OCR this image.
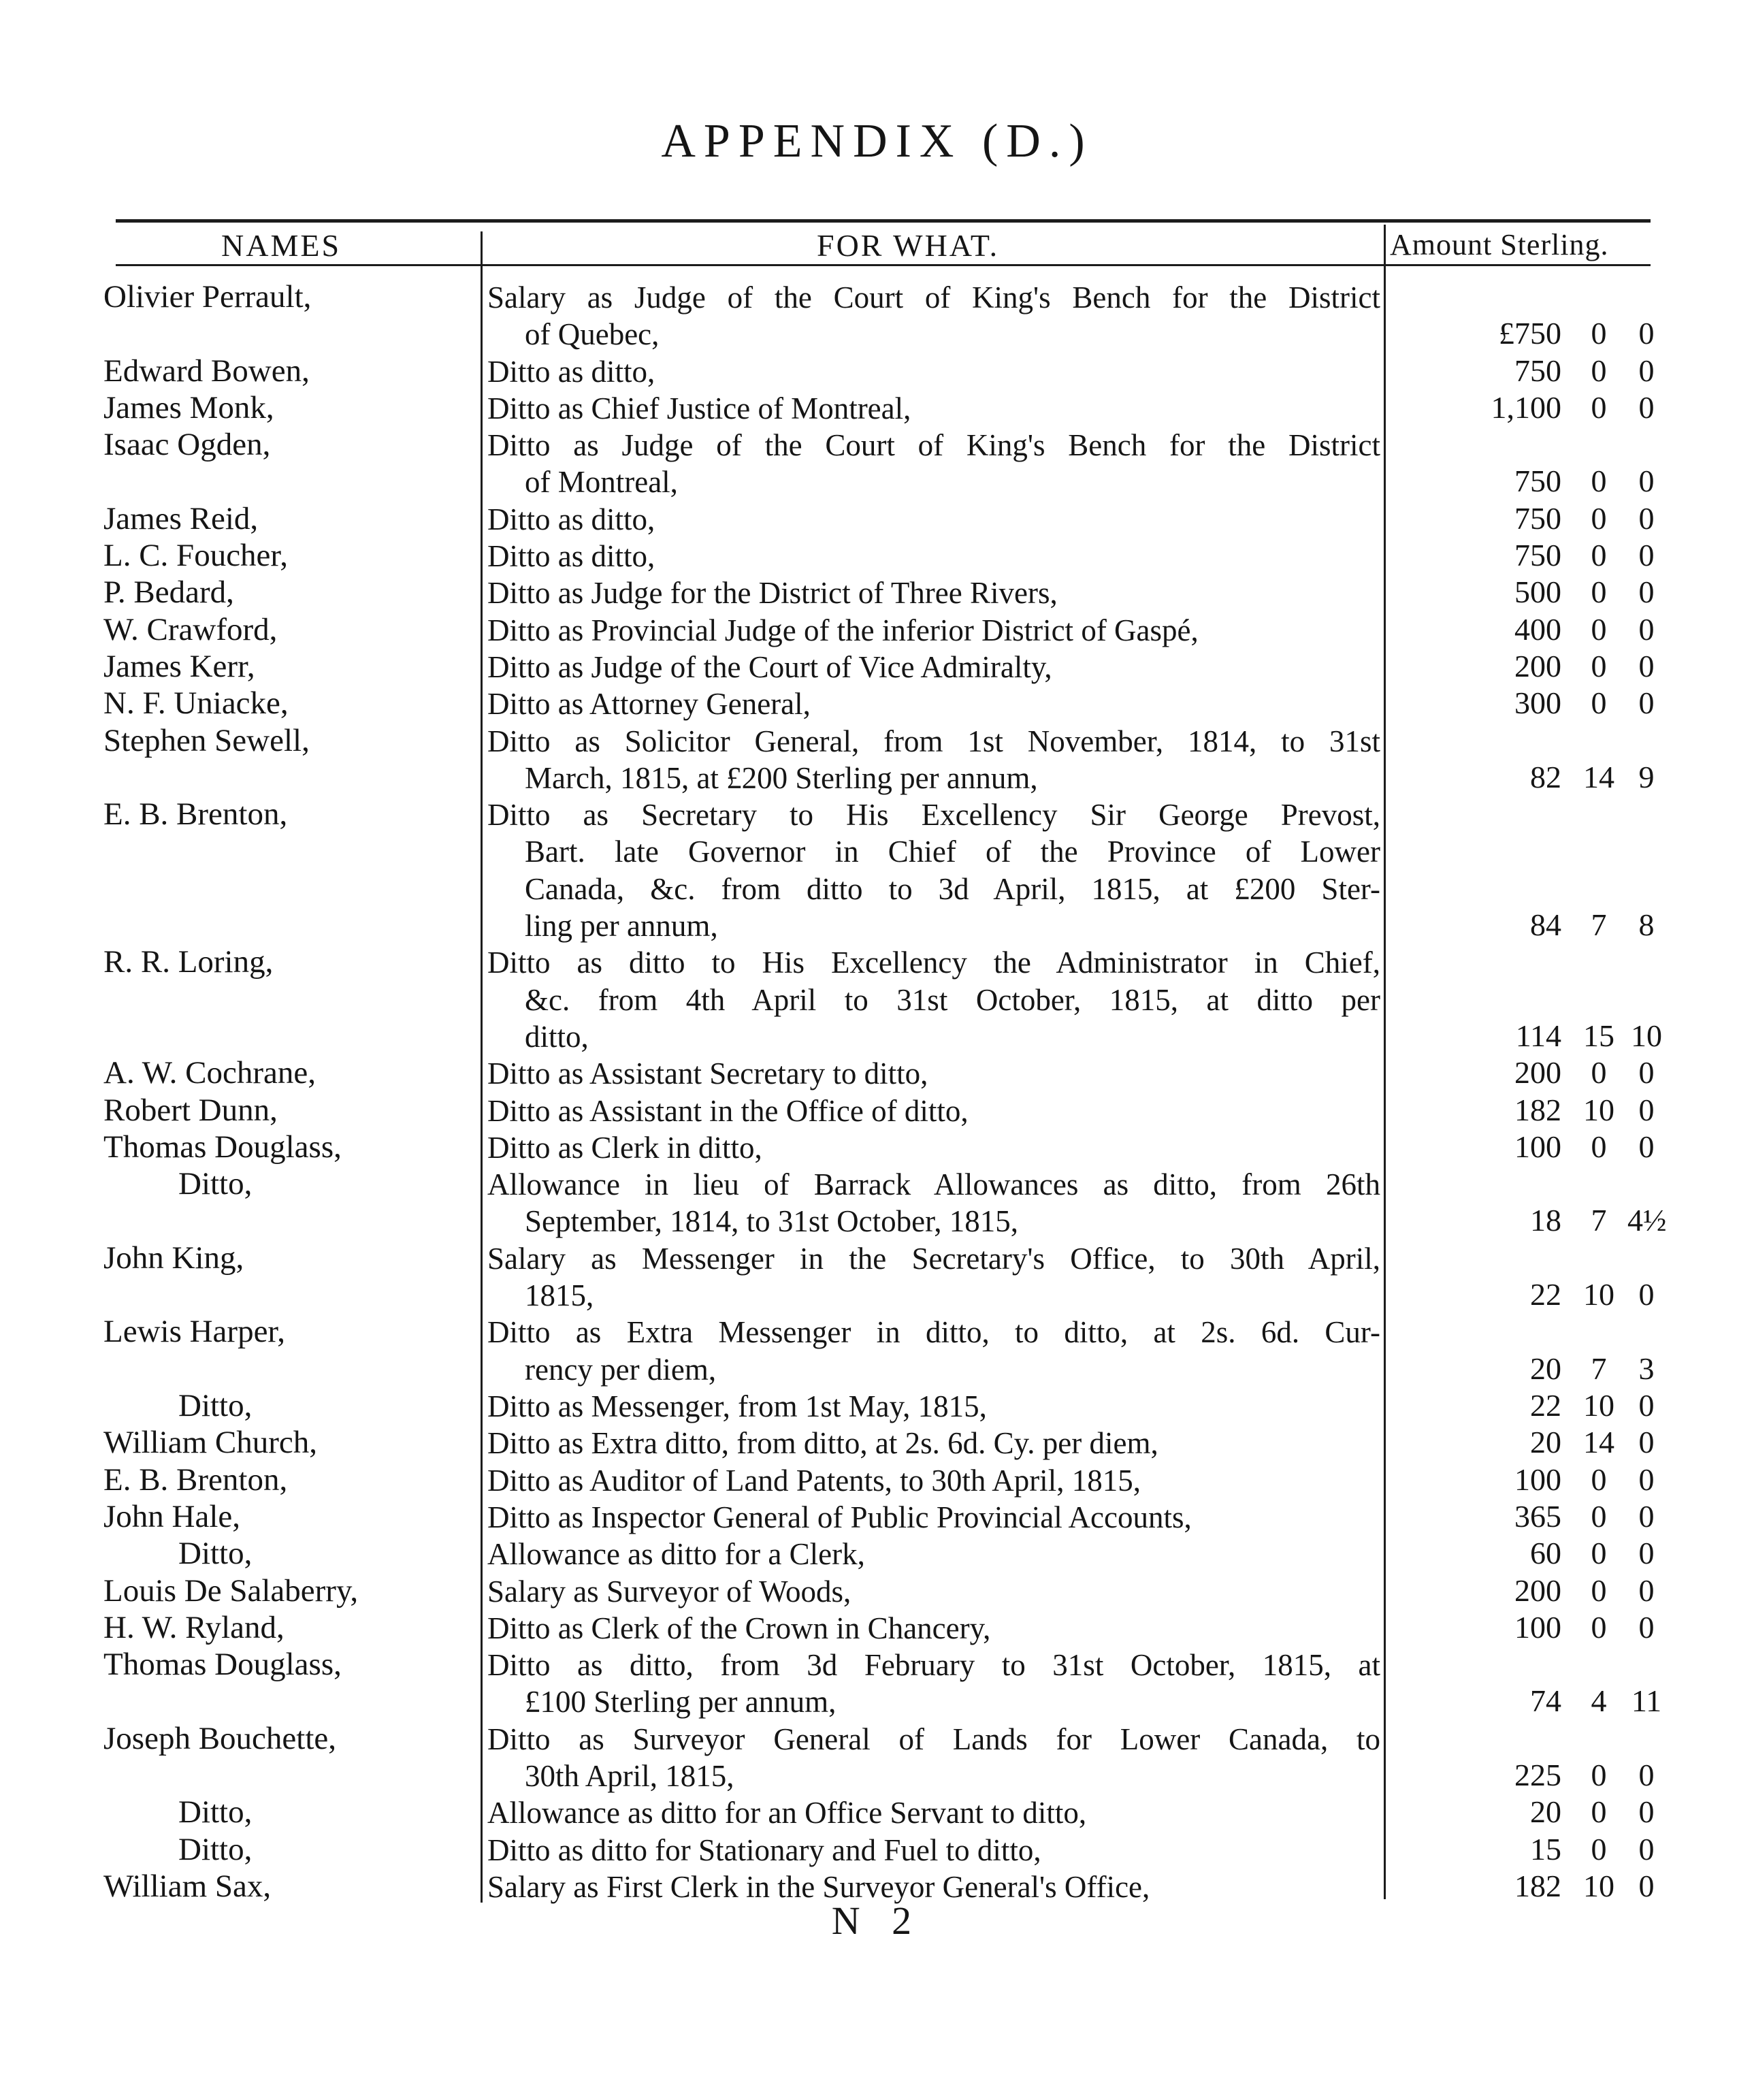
APPENDIX (D.)
NAMES	FOR WHAT.	Amount Sterling.
Olivier Perrault,	Salary as Judge of the Court of King's Bench for the District
of Quebec,	£750 0	0
Edward Bowen,	Ditto as ditto,	750 0	0
James Monk,	Ditto as Chief Justice of Montreal,	1,100 0	0
Isaac Ogden,	Ditto as Judge of the Court of King's Bench for the District
of Montreal,	750 0	0
James Reid,	Ditto as ditto,	750 0	0
L. C. Foucher,	Ditto as ditto,	750 0	0
P. Bedard,	Ditto as Judge for the District of Three Rivers,	500 0	0
W. Crawford,	Ditto as Provincial Judge of the inferior District of Gaspé,	400 0	0
James Kerr,	Ditto as Judge of the Court of Vice Admiralty,	200 0	0
N. F. Uniacke,	Ditto as Attorney General,	300 0	0
Stephen Sewell,	Ditto as Solicitor General, from 1st November, 1814, to 31st
March, 1815, at £200 Sterling per annum,	82 14 9
E. B. Brenton,	Ditto as Secretary to His Excellency Sir George Prevost,
Bart. late Governor in Chief of the Province of Lower
Canada, &c. from ditto to 3d April, 1815, at £200 Ster-
ling per annum,	84 7	8
R. R. Loring,	Ditto as ditto to His Excellency the Administrator in Chief,
&c. from 4th April to 31st October, 1815, at ditto per
ditto,	114 15 10
A. W. Cochrane,	Ditto as Assistant Secretary to ditto,	200 0	0
Robert Dunn,	Ditto as Assistant in the Office of ditto,	182 10 0
Thomas Douglass,	Ditto as Clerk in ditto,	100 0	0
Ditto,	Allowance in lieu of Barrack Allowances as ditto, from 26th
September, 1814, to 31st October, 1815,	18 7 4½
John King,	Salary as Messenger in the Secretary's Office, to 30th April,
1815,	22 10 0
Lewis Harper,	Ditto as Extra Messenger in ditto, to ditto, at 2s. 6d. Cur-
rency per diem,	20 7	3
Ditto,	Ditto as Messenger, from 1st May, 1815,	22 10 0
William Church,	Ditto as Extra ditto, from ditto, at 2s. 6d. Cy. per diem,	20 14 0
E. B. Brenton,	Ditto as Auditor of Land Patents, to 30th April, 1815,	100 0	0
John Hale,	Ditto as Inspector General of Public Provincial Accounts,	365 0	0
Ditto,	Allowance as ditto for a Clerk,	60 0	0
Louis De Salaberry,	Salary as Surveyor of Woods,	200 0	0
H. W. Ryland,	Ditto as Clerk of the Crown in Chancery,	100 0	0
Thomas Douglass,	Ditto as ditto, from 3d February to 31st October, 1815, at
£100 Sterling per annum,	74 4 11
Joseph Bouchette,	Ditto as Surveyor General of Lands for Lower Canada, to
30th April, 1815,	225 0	0
Ditto,	Allowance as ditto for an Office Servant to ditto,	20 0	0
Ditto,	Ditto as ditto for Stationary and Fuel to ditto,	15 0	0
William Sax,	Salary as First Clerk in the Surveyor General's Office,	182 10 0
N 2
